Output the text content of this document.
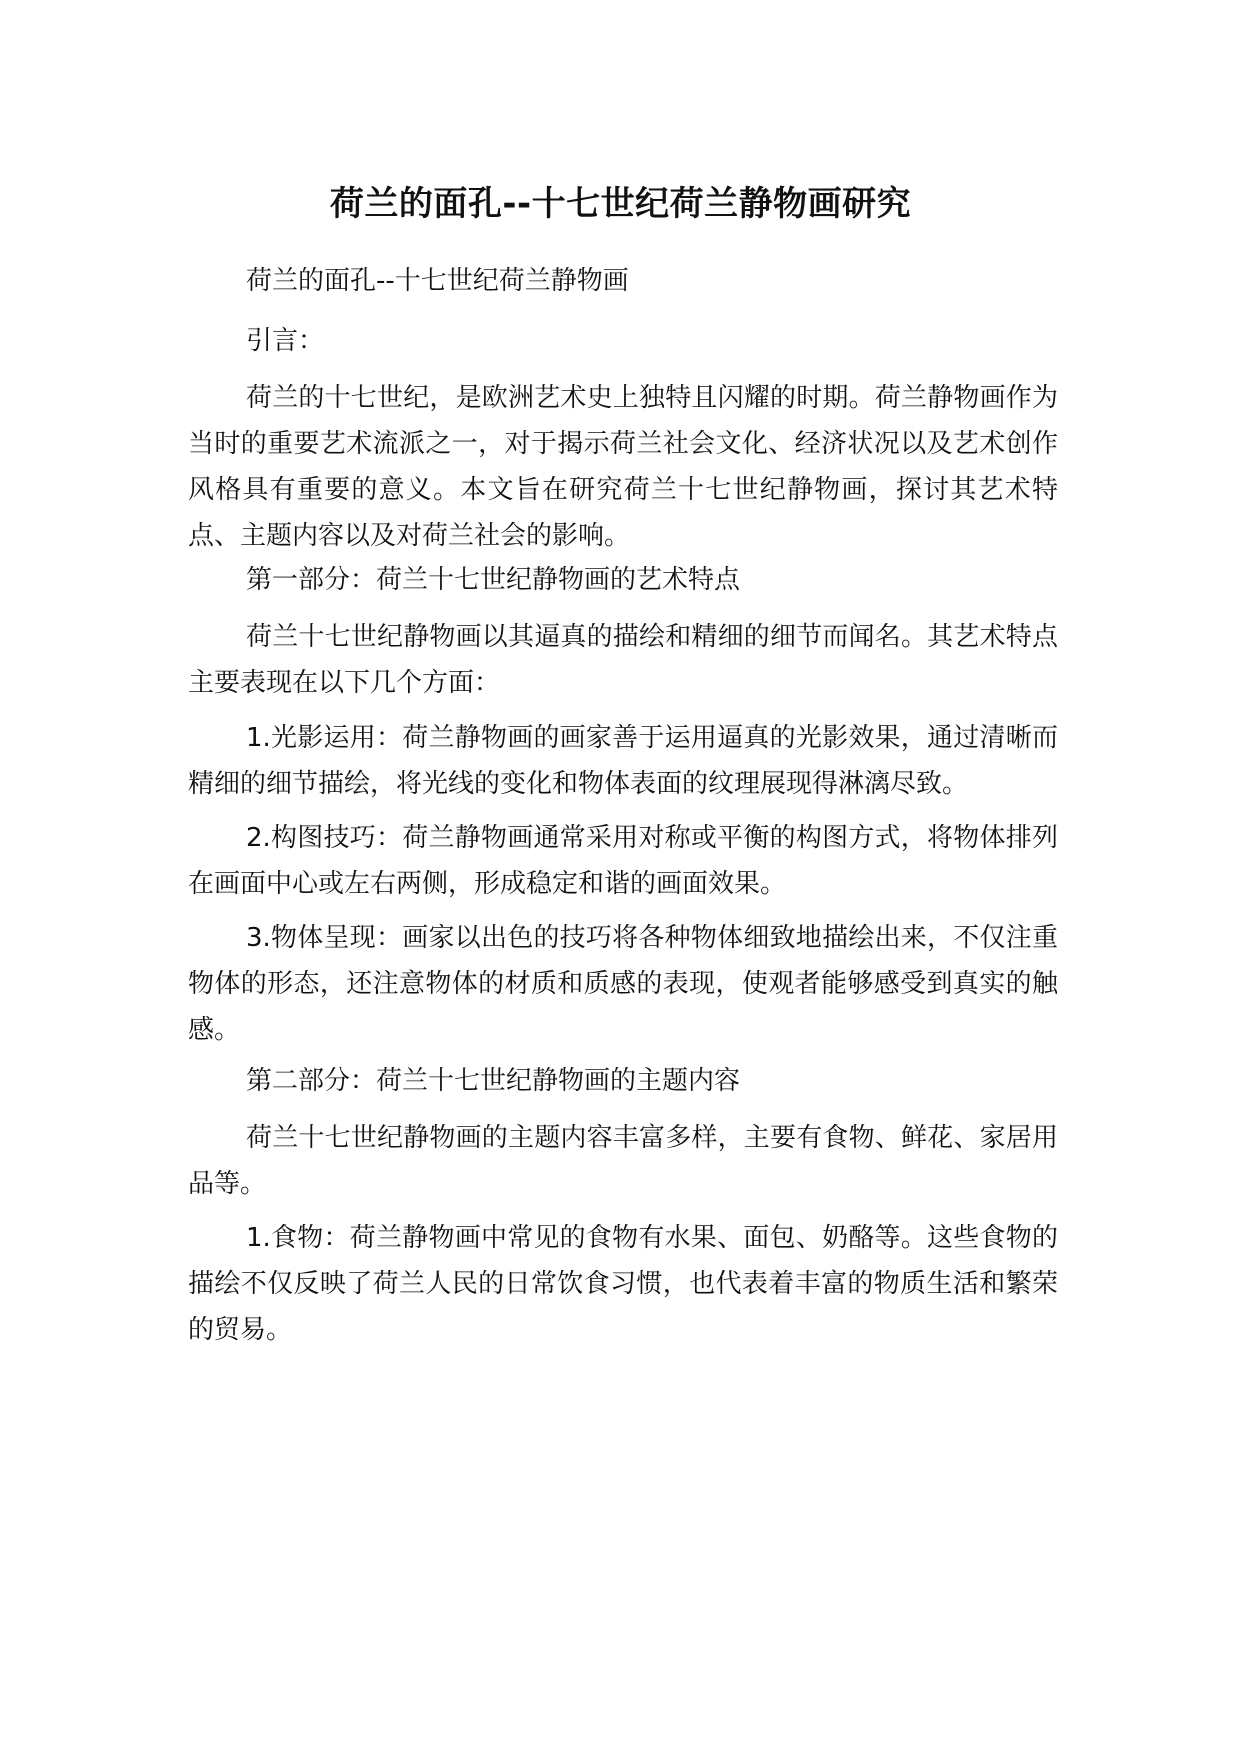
荷兰的面孔--十七世纪荷兰静物画研究

荷兰的面孔--十七世纪荷兰静物画

引言：

荷兰的十七世纪，是欧洲艺术史上独特且闪耀的时期。荷兰静物画作为当时的重要艺术流派之一，对于揭示荷兰社会文化、经济状况以及艺术创作风格具有重要的意义。本文旨在研究荷兰十七世纪静物画，探讨其艺术特点、主题内容以及对荷兰社会的影响。

第一部分：荷兰十七世纪静物画的艺术特点

荷兰十七世纪静物画以其逼真的描绘和精细的细节而闻名。其艺术特点主要表现在以下几个方面：

1.光影运用：荷兰静物画的画家善于运用逼真的光影效果，通过清晰而精细的细节描绘，将光线的变化和物体表面的纹理展现得淋漓尽致。

2.构图技巧：荷兰静物画通常采用对称或平衡的构图方式，将物体排列在画面中心或左右两侧，形成稳定和谐的画面效果。

3.物体呈现：画家以出色的技巧将各种物体细致地描绘出来，不仅注重物体的形态，还注意物体的材质和质感的表现，使观者能够感受到真实的触感。

第二部分：荷兰十七世纪静物画的主题内容

荷兰十七世纪静物画的主题内容丰富多样，主要有食物、鲜花、家居用品等。

1.食物：荷兰静物画中常见的食物有水果、面包、奶酪等。这些食物的描绘不仅反映了荷兰人民的日常饮食习惯，也代表着丰富的物质生活和繁荣的贸易。
